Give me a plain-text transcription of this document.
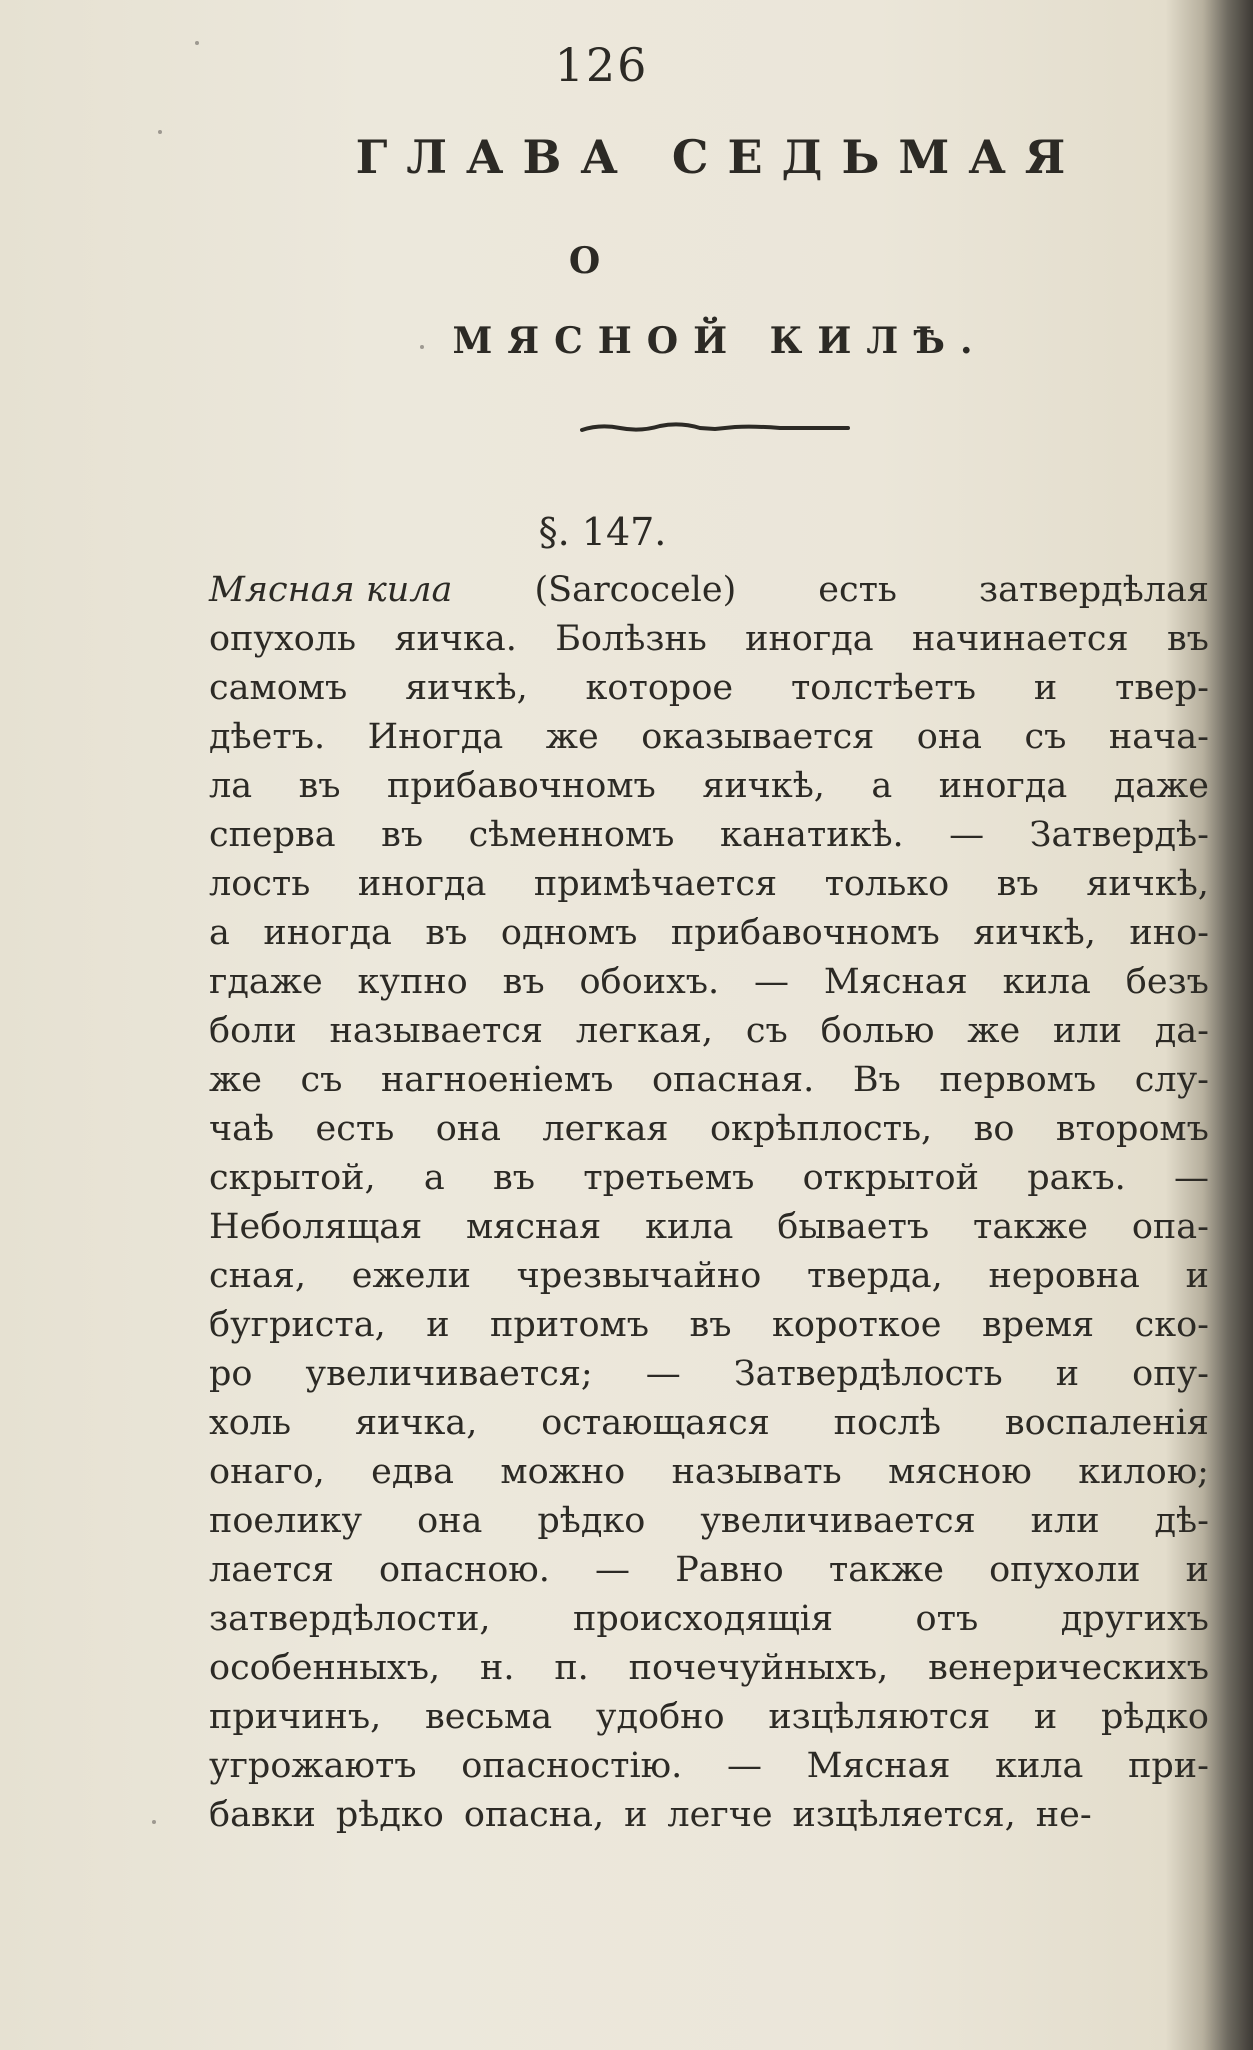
126
ГЛАВА СЕДЬМАЯ
О
МЯСНОЙ КИЛѢ.
§. 147.
Мясная кила (Sarcocele) есть затвердѣлая
опухоль яичка. Болѣзнь иногда начинается въ
самомъ яичкѣ, которое толстѣетъ и твер-
дѣетъ. Иногда же оказывается она съ нача-
ла въ прибавочномъ яичкѣ, а иногда даже
сперва въ сѣменномъ канатикѣ. — Затвердѣ-
лость иногда примѣчается только въ яичкѣ,
а иногда въ одномъ прибавочномъ яичкѣ, ино-
гдаже купно въ обоихъ. — Мясная кила безъ
боли называется легкая, съ болью же или да-
же съ нагноенiемъ опасная. Въ первомъ слу-
чаѣ есть она легкая окрѣплость, во второмъ
скрытой, а въ третьемъ открытой ракъ. —
Неболящая мясная кила бываетъ также опа-
сная, ежели чрезвычайно тверда, неровна и
бугриста, и притомъ въ короткое время ско-
ро увеличивается; — Затвердѣлость и опу-
холь яичка, остающаяся послѣ воспаленiя
онаго, едва можно называть мясною килою;
поелику она рѣдко увеличивается или дѣ-
лается опасною. — Равно также опухоли и
затвердѣлости, происходящiя отъ другихъ
особенныхъ, н. п. почечуйныхъ, венерическихъ
причинъ, весьма удобно изцѣляются и рѣдко
угрожаютъ опасностiю. — Мясная кила при-
бавки рѣдко опасна, и легче изцѣляется, не-
